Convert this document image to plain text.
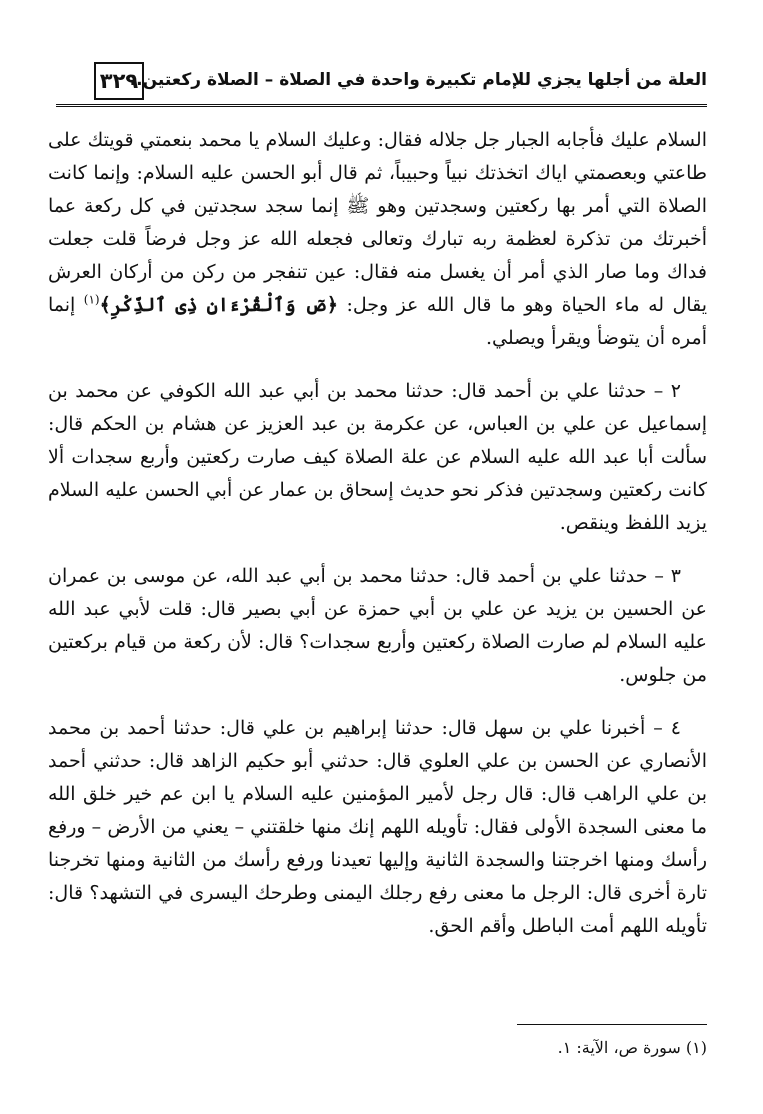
العلة من أجلها يجزي للإمام تكبيرة واحدة في الصلاة – الصلاة ركعتين..
٣٢٩

السلام عليك فأجابه الجبار جل جلاله فقال: وعليك السلام يا محمد بنعمتي قويتك على طاعتي وبعصمتي اياك اتخذتك نبياً وحبيباً، ثم قال أبو الحسن عليه السلام: وإنما كانت الصلاة التي أمر بها ركعتين وسجدتين وهو ﷺ إنما سجد سجدتين في كل ركعة عما أخبرتك من تذكرة لعظمة ربه تبارك وتعالى فجعله الله عز وجل فرضاً قلت جعلت فداك وما صار الذي أمر أن يغسل منه فقال: عين تنفجر من ركن من أركان العرش يقال له ماء الحياة وهو ما قال الله عز وجل: ﴿صٓ وَٱلْقُرْءَانِ ذِى ٱلذِّكْرِ﴾$^{(١)}$ إنما أمره أن يتوضأ ويقرأ ويصلي.

٢ – حدثنا علي بن أحمد قال: حدثنا محمد بن أبي عبد الله الكوفي عن محمد بن إسماعيل عن علي بن العباس، عن عكرمة بن عبد العزيز عن هشام بن الحكم قال: سألت أبا عبد الله عليه السلام عن علة الصلاة كيف صارت ركعتين وأربع سجدات ألا كانت ركعتين وسجدتين فذكر نحو حديث إسحاق بن عمار عن أبي الحسن عليه السلام يزيد اللفظ وينقص.

٣ – حدثنا علي بن أحمد قال: حدثنا محمد بن أبي عبد الله، عن موسى بن عمران عن الحسين بن يزيد عن علي بن أبي حمزة عن أبي بصير قال: قلت لأبي عبد الله عليه السلام لم صارت الصلاة ركعتين وأربع سجدات؟ قال: لأن ركعة من قيام بركعتين من جلوس.

٤ – أخبرنا علي بن سهل قال: حدثنا إبراهيم بن علي قال: حدثنا أحمد بن محمد الأنصاري عن الحسن بن علي العلوي قال: حدثني أبو حكيم الزاهد قال: حدثني أحمد بن علي الراهب قال: قال رجل لأمير المؤمنين عليه السلام يا ابن عم خير خلق الله ما معنى السجدة الأولى فقال: تأويله اللهم إنك منها خلقتني – يعني من الأرض – ورفع رأسك ومنها اخرجتنا والسجدة الثانية وإليها تعيدنا ورفع رأسك من الثانية ومنها تخرجنا تارة أخرى قال: الرجل ما معنى رفع رجلك اليمنى وطرحك اليسرى في التشهد؟ قال: تأويله اللهم أمت الباطل وأقم الحق.

(١) سورة ص، الآية: ١.
